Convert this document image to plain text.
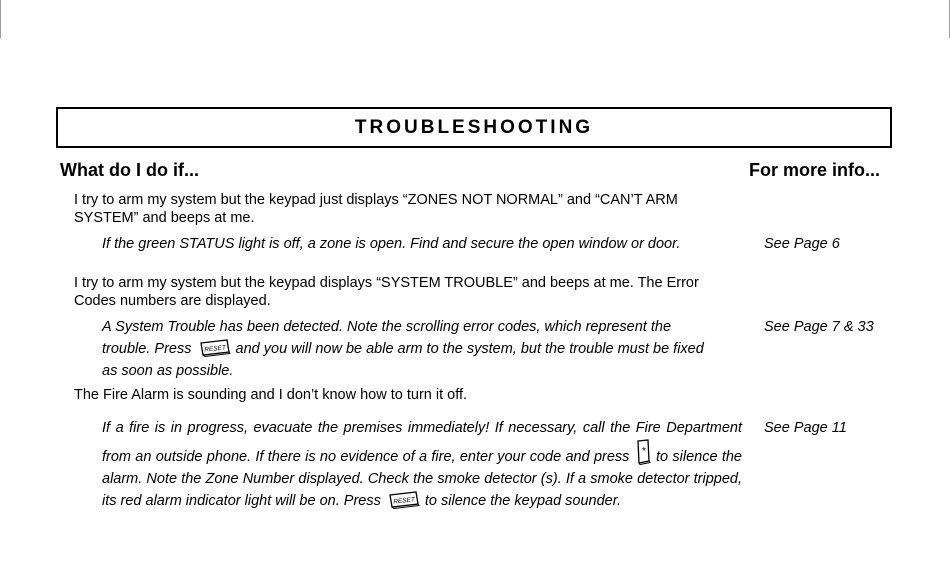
TROUBLESHOOTING
What do I do if...	For more info...
I try to arm my system but the keypad just displays “ZONES NOT NORMAL” and “CAN’T ARM SYSTEM” and beeps at me.
If the green STATUS light is off, a zone is open. Find and secure the open window or door.	See Page 6
I try to arm my system but the keypad displays “SYSTEM TROUBLE” and beeps at me. The Error Codes numbers are displayed.
A System Trouble has been detected. Note the scrolling error codes, which represent the trouble. Press RESET and you will now be able arm to the system, but the trouble must be fixed as soon as possible.
See Page 7 & 33
The Fire Alarm is sounding and I don’t know how to turn it off.
If a fire is in progress, evacuate the premises immediately! If necessary, call the Fire Department from an outside phone. If there is no evidence of a fire, enter your code and press * to silence the alarm. Note the Zone Number displayed. Check the smoke detector (s). If a smoke detector tripped, its red alarm indicator light will be on. Press RESET to silence the keypad sounder.
See Page 11
